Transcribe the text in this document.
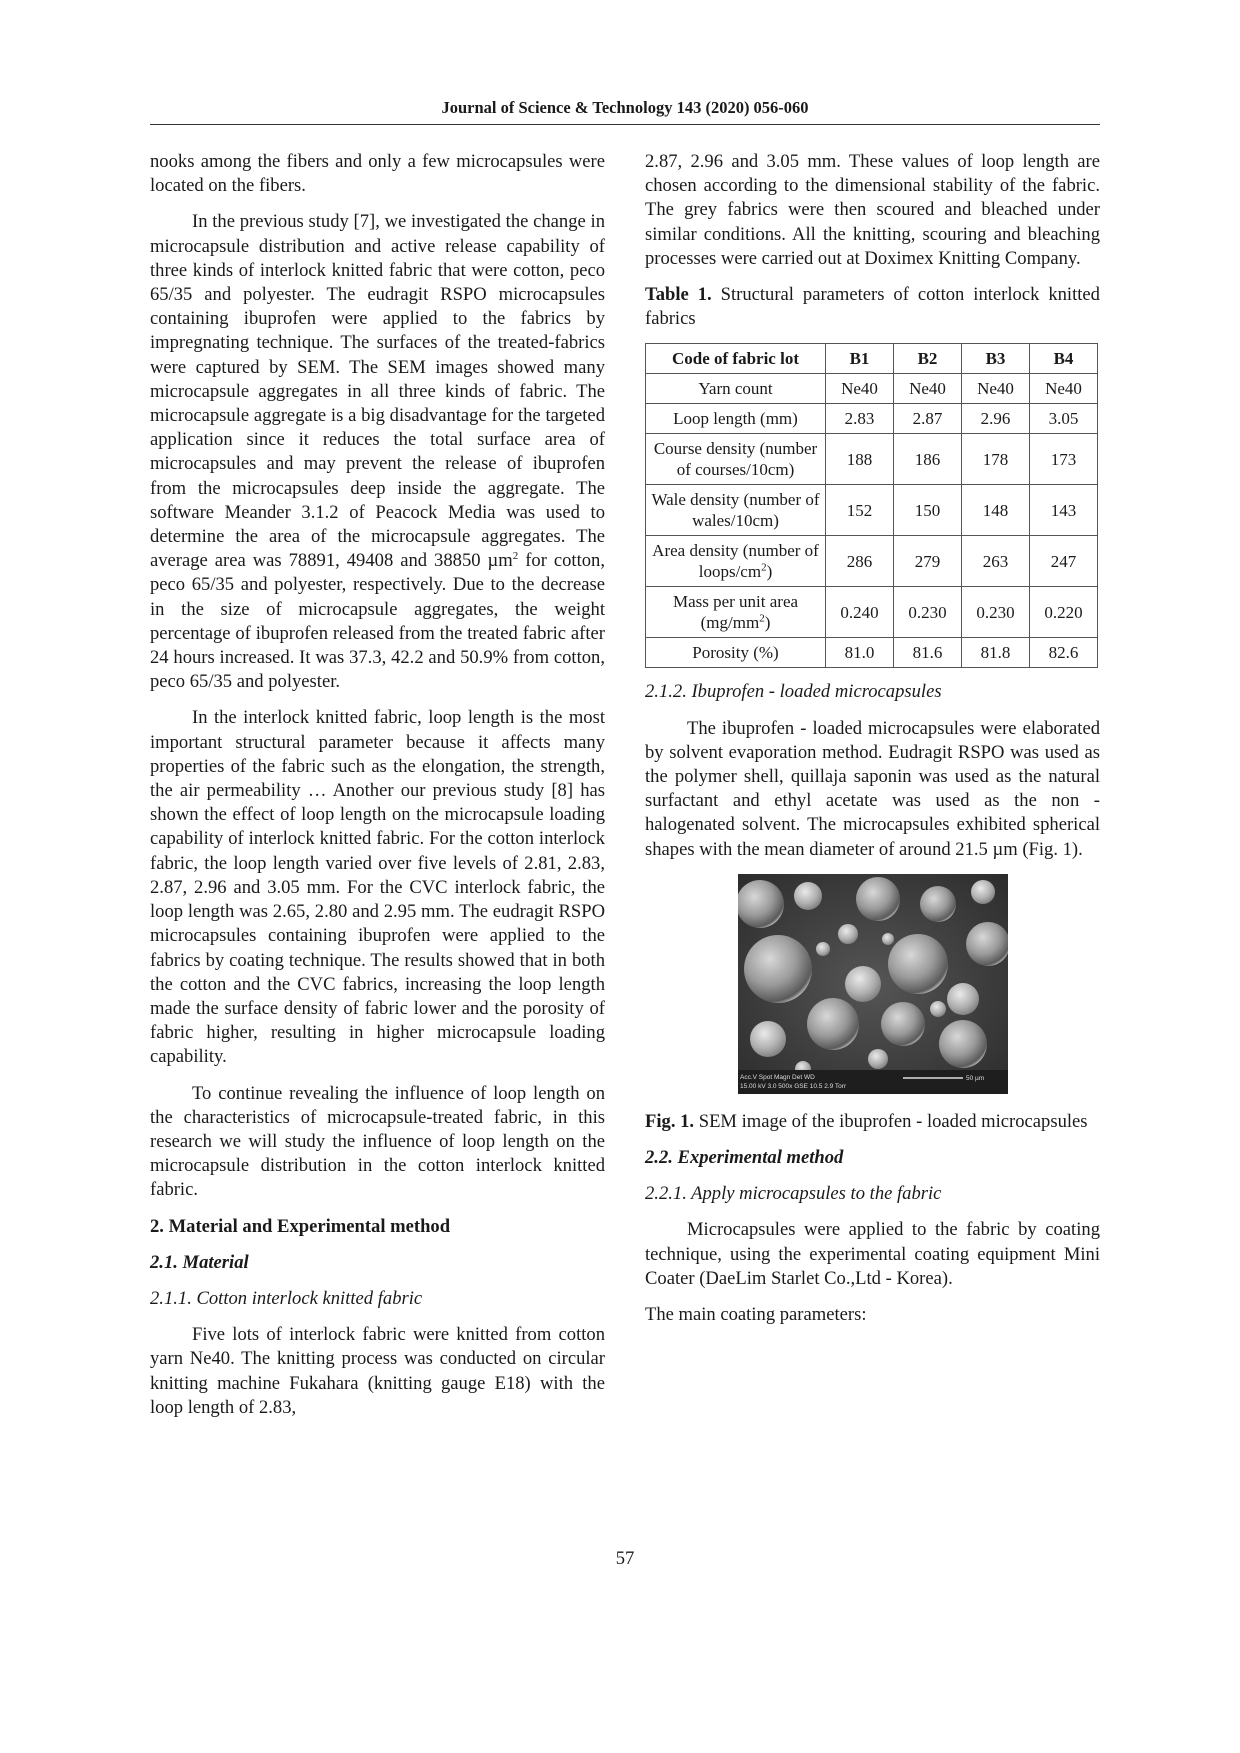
Journal of Science & Technology 143 (2020) 056-060

nooks among the fibers and only a few microcapsules were located on the fibers.

In the previous study [7], we investigated the change in microcapsule distribution and active release capability of three kinds of interlock knitted fabric that were cotton, peco 65/35 and polyester. The eudragit RSPO microcapsules containing ibuprofen were applied to the fabrics by impregnating technique. The surfaces of the treated-fabrics were captured by SEM. The SEM images showed many microcapsule aggregates in all three kinds of fabric. The microcapsule aggregate is a big disadvantage for the targeted application since it reduces the total surface area of microcapsules and may prevent the release of ibuprofen from the microcapsules deep inside the aggregate. The software Meander 3.1.2 of Peacock Media was used to determine the area of the microcapsule aggregates. The average area was 78891, 49408 and 38850 µm$^2$ for cotton, peco 65/35 and polyester, respectively. Due to the decrease in the size of microcapsule aggregates, the weight percentage of ibuprofen released from the treated fabric after 24 hours increased. It was 37.3, 42.2 and 50.9% from cotton, peco 65/35 and polyester.

In the interlock knitted fabric, loop length is the most important structural parameter because it affects many properties of the fabric such as the elongation, the strength, the air permeability … Another our previous study [8] has shown the effect of loop length on the microcapsule loading capability of interlock knitted fabric. For the cotton interlock fabric, the loop length varied over five levels of 2.81, 2.83, 2.87, 2.96 and 3.05 mm. For the CVC interlock fabric, the loop length was 2.65, 2.80 and 2.95 mm. The eudragit RSPO microcapsules containing ibuprofen were applied to the fabrics by coating technique. The results showed that in both the cotton and the CVC fabrics, increasing the loop length made the surface density of fabric lower and the porosity of fabric higher, resulting in higher microcapsule loading capability.

To continue revealing the influence of loop length on the characteristics of microcapsule-treated fabric, in this research we will study the influence of loop length on the microcapsule distribution in the cotton interlock knitted fabric.

2. Material and Experimental method
2.1. Material
2.1.1. Cotton interlock knitted fabric

Five lots of interlock fabric were knitted from cotton yarn Ne40. The knitting process was conducted on circular knitting machine Fukahara (knitting gauge E18) with the loop length of 2.83,

2.87, 2.96 and 3.05 mm. These values of loop length are chosen according to the dimensional stability of the fabric. The grey fabrics were then scoured and bleached under similar conditions. All the knitting, scouring and bleaching processes were carried out at Doximex Knitting Company.

Table 1. Structural parameters of cotton interlock knitted fabrics

Code of fabric lot	B1	B2	B3	B4
Yarn count	Ne40	Ne40	Ne40	Ne40
Loop length (mm)	2.83	2.87	2.96	3.05
Course density (number of courses/10cm)	188	186	178	173
Wale density (number of wales/10cm)	152	150	148	143
Area density (number of loops/$cm^2$)	286	279	263	247
Mass per unit area $(mg/mm^2)$	0.240	0.230	0.230	0.220
Porosity (%)	81.0	81.6	81.8	82.6
2.1.2. Ibuprofen - loaded microcapsules

The ibuprofen - loaded microcapsules were elaborated by solvent evaporation method. Eudragit RSPO was used as the polymer shell, quillaja saponin was used as the natural surfactant and ethyl acetate was used as the non - halogenated solvent. The microcapsules exhibited spherical shapes with the mean diameter of around 21.5 µm (Fig. 1).

Acc.V Spot Magn Det WD
15.00 kV 3.0 500x GSE 10.5 2.9 Torr
50 µm

Fig. 1. SEM image of the ibuprofen - loaded microcapsules

2.2. Experimental method
2.2.1. Apply microcapsules to the fabric

Microcapsules were applied to the fabric by coating technique, using the experimental coating equipment Mini Coater (DaeLim Starlet Co.,Ltd - Korea).

The main coating parameters:

57
